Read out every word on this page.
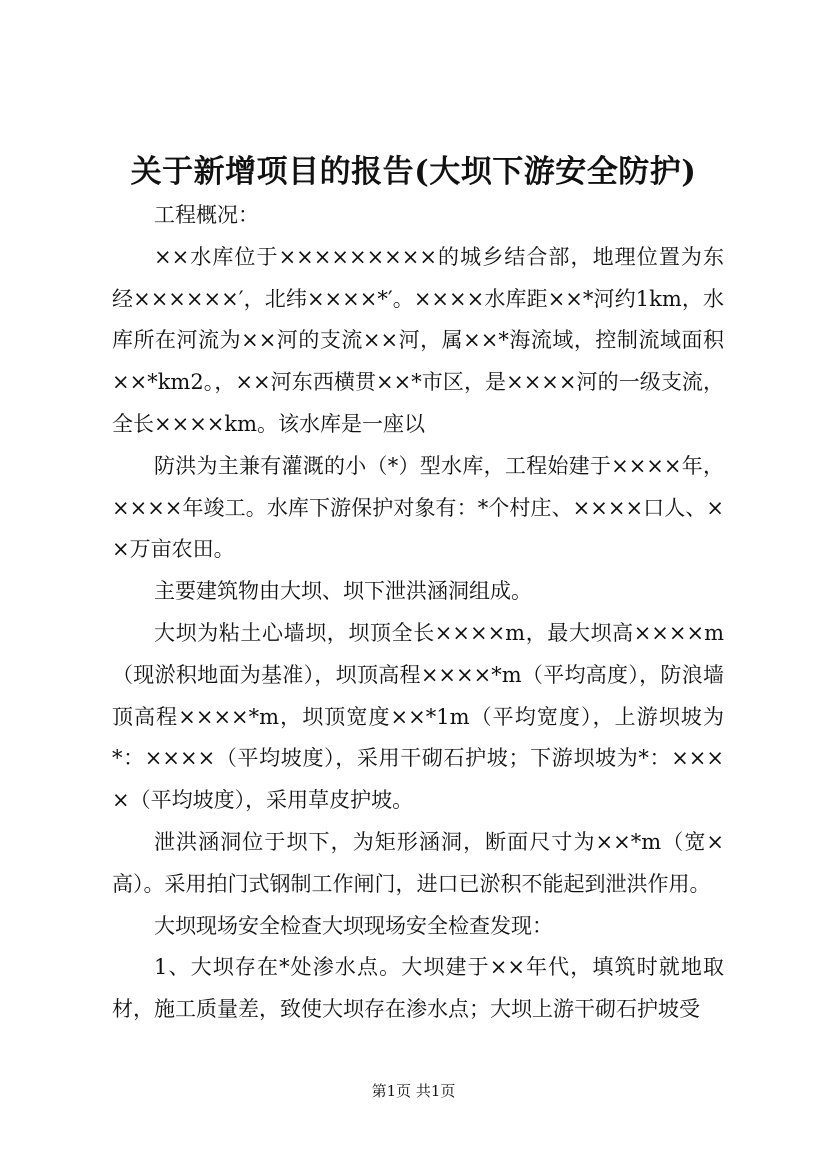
关于新增项目的报告(大坝下游安全防护)

工程概况：

××水库位于×××××××××的城乡结合部，地理位置为东经××××××′，北纬××××*′。××××水库距××*河约1km，水库所在河流为××河的支流××河，属××*海流域，控制流域面积××*km2。，××河东西横贯××*市区，是××××河的一级支流，全长××××km。该水库是一座以

防洪为主兼有灌溉的小（*）型水库，工程始建于××××年，××××年竣工。水库下游保护对象有：*个村庄、××××口人、××万亩农田。

主要建筑物由大坝、坝下泄洪涵洞组成。

大坝为粘土心墙坝，坝顶全长××××m，最大坝高××××m（现淤积地面为基准），坝顶高程××××*m（平均高度），防浪墙顶高程××××*m，坝顶宽度××*1m（平均宽度），上游坝坡为*：××××（平均坡度），采用干砌石护坡；下游坝坡为*：××××（平均坡度），采用草皮护坡。

泄洪涵洞位于坝下，为矩形涵洞，断面尺寸为××*m（宽×高）。采用拍门式钢制工作闸门，进口已淤积不能起到泄洪作用。

大坝现场安全检查大坝现场安全检查发现：

1、大坝存在*处渗水点。大坝建于××年代，填筑时就地取材，施工质量差，致使大坝存在渗水点；大坝上游干砌石护坡受

第1页 共1页
